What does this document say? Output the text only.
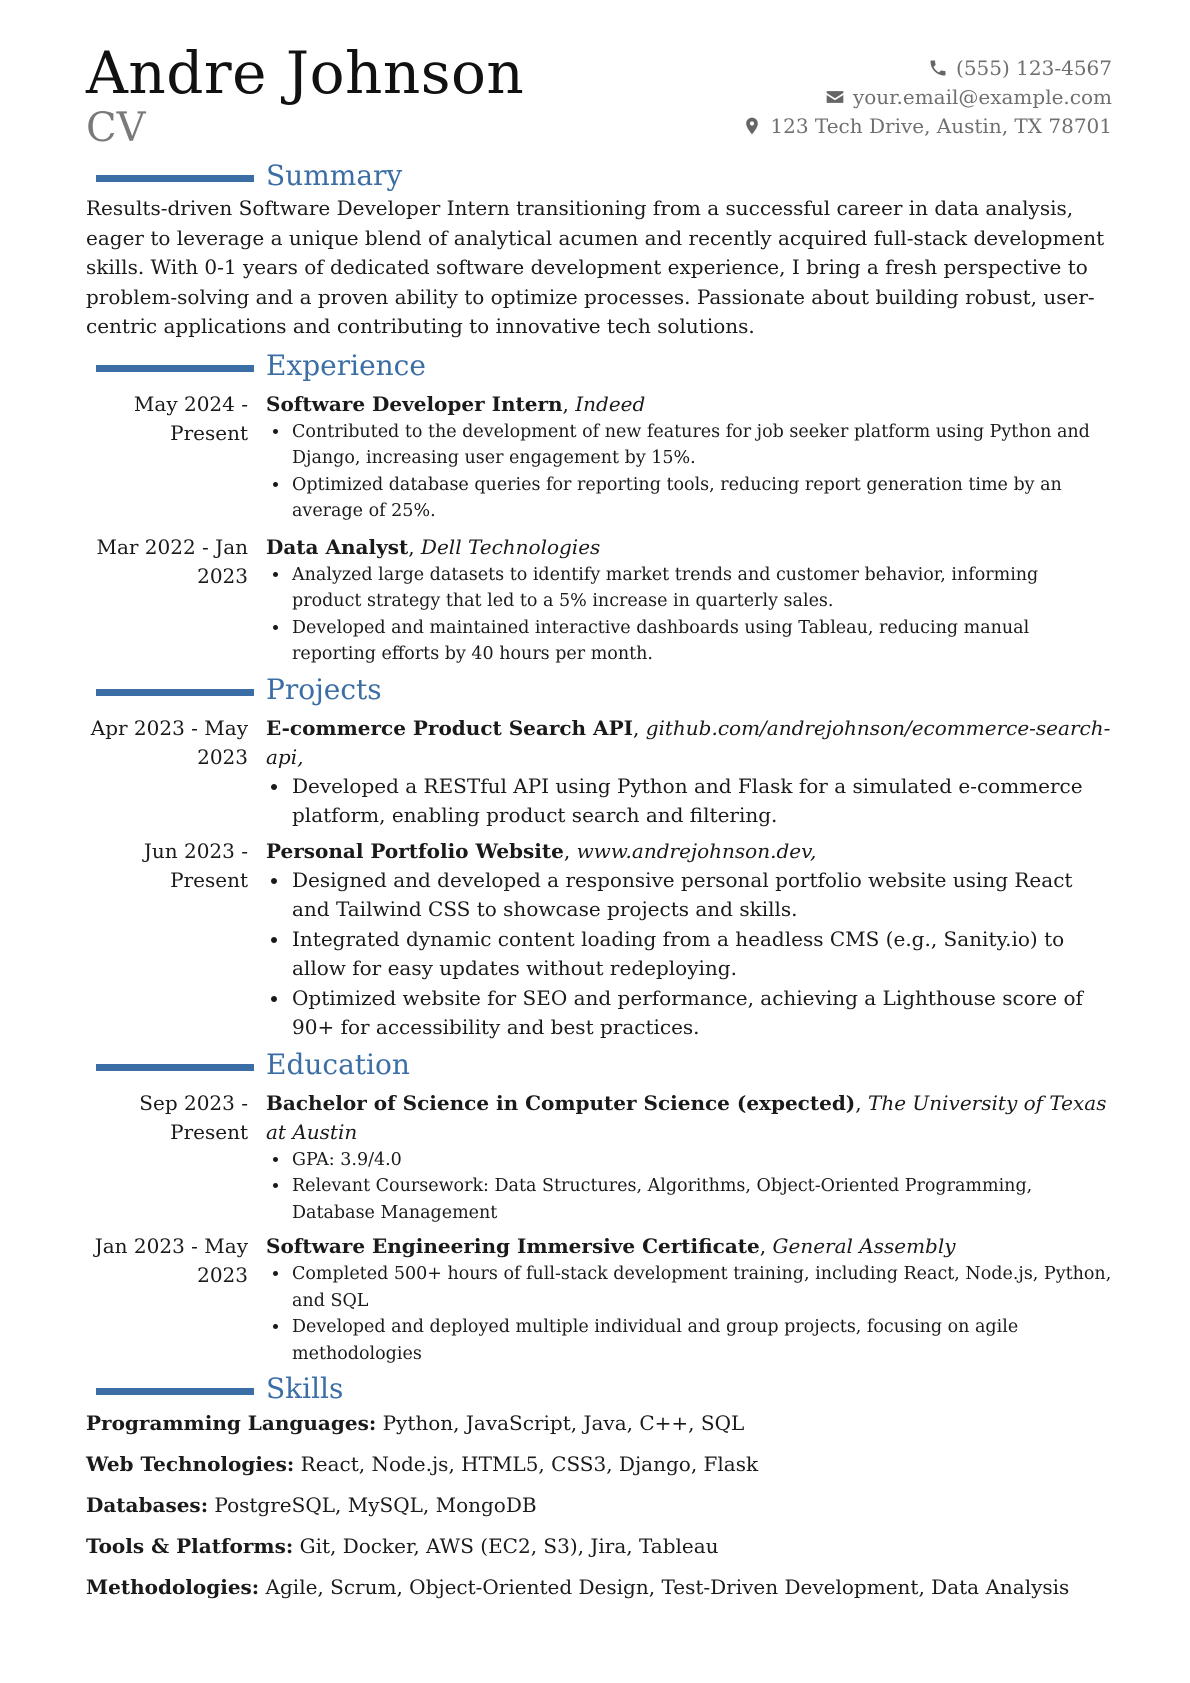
Andre Johnson
CV
(555) 123-4567
your.email@example.com
123 Tech Drive, Austin, TX 78701
Summary

Results-driven Software Developer Intern transitioning from a successful career in data analysis, eager to leverage a unique blend of analytical acumen and recently acquired full-stack development skills. With 0-1 years of dedicated software development experience, I bring a fresh perspective to problem-solving and a proven ability to optimize processes. Passionate about building robust, user-centric applications and contributing to innovative tech solutions.

Experience
May 2024 - Present
Software Developer Intern, Indeed
• Contributed to the development of new features for job seeker platform using Python and Django, increasing user engagement by 15%.
• Optimized database queries for reporting tools, reducing report generation time by an average of 25%.
Mar 2022 - Jan 2023
Data Analyst, Dell Technologies
• Analyzed large datasets to identify market trends and customer behavior, informing product strategy that led to a 5% increase in quarterly sales.
• Developed and maintained interactive dashboards using Tableau, reducing manual reporting efforts by 40 hours per month.
Projects
Apr 2023 - May 2023
E-commerce Product Search API, github.com/andrejohnson/ecommerce-search-api,
• Developed a RESTful API using Python and Flask for a simulated e-commerce platform, enabling product search and filtering.
Jun 2023 - Present
Personal Portfolio Website, www.andrejohnson.dev,
• Designed and developed a responsive personal portfolio website using React and Tailwind CSS to showcase projects and skills.
• Integrated dynamic content loading from a headless CMS (e.g., Sanity.io) to allow for easy updates without redeploying.
• Optimized website for SEO and performance, achieving a Lighthouse score of 90+ for accessibility and best practices.
Education
Sep 2023 - Present
Bachelor of Science in Computer Science (expected), The University of Texas at Austin
• GPA: 3.9/4.0
• Relevant Coursework: Data Structures, Algorithms, Object-Oriented Programming, Database Management
Jan 2023 - May 2023
Software Engineering Immersive Certificate, General Assembly
• Completed 500+ hours of full-stack development training, including React, Node.js, Python, and SQL
• Developed and deployed multiple individual and group projects, focusing on agile methodologies
Skills
Programming Languages: Python, JavaScript, Java, C++, SQL
Web Technologies: React, Node.js, HTML5, CSS3, Django, Flask
Databases: PostgreSQL, MySQL, MongoDB
Tools & Platforms: Git, Docker, AWS (EC2, S3), Jira, Tableau
Methodologies: Agile, Scrum, Object-Oriented Design, Test-Driven Development, Data Analysis
